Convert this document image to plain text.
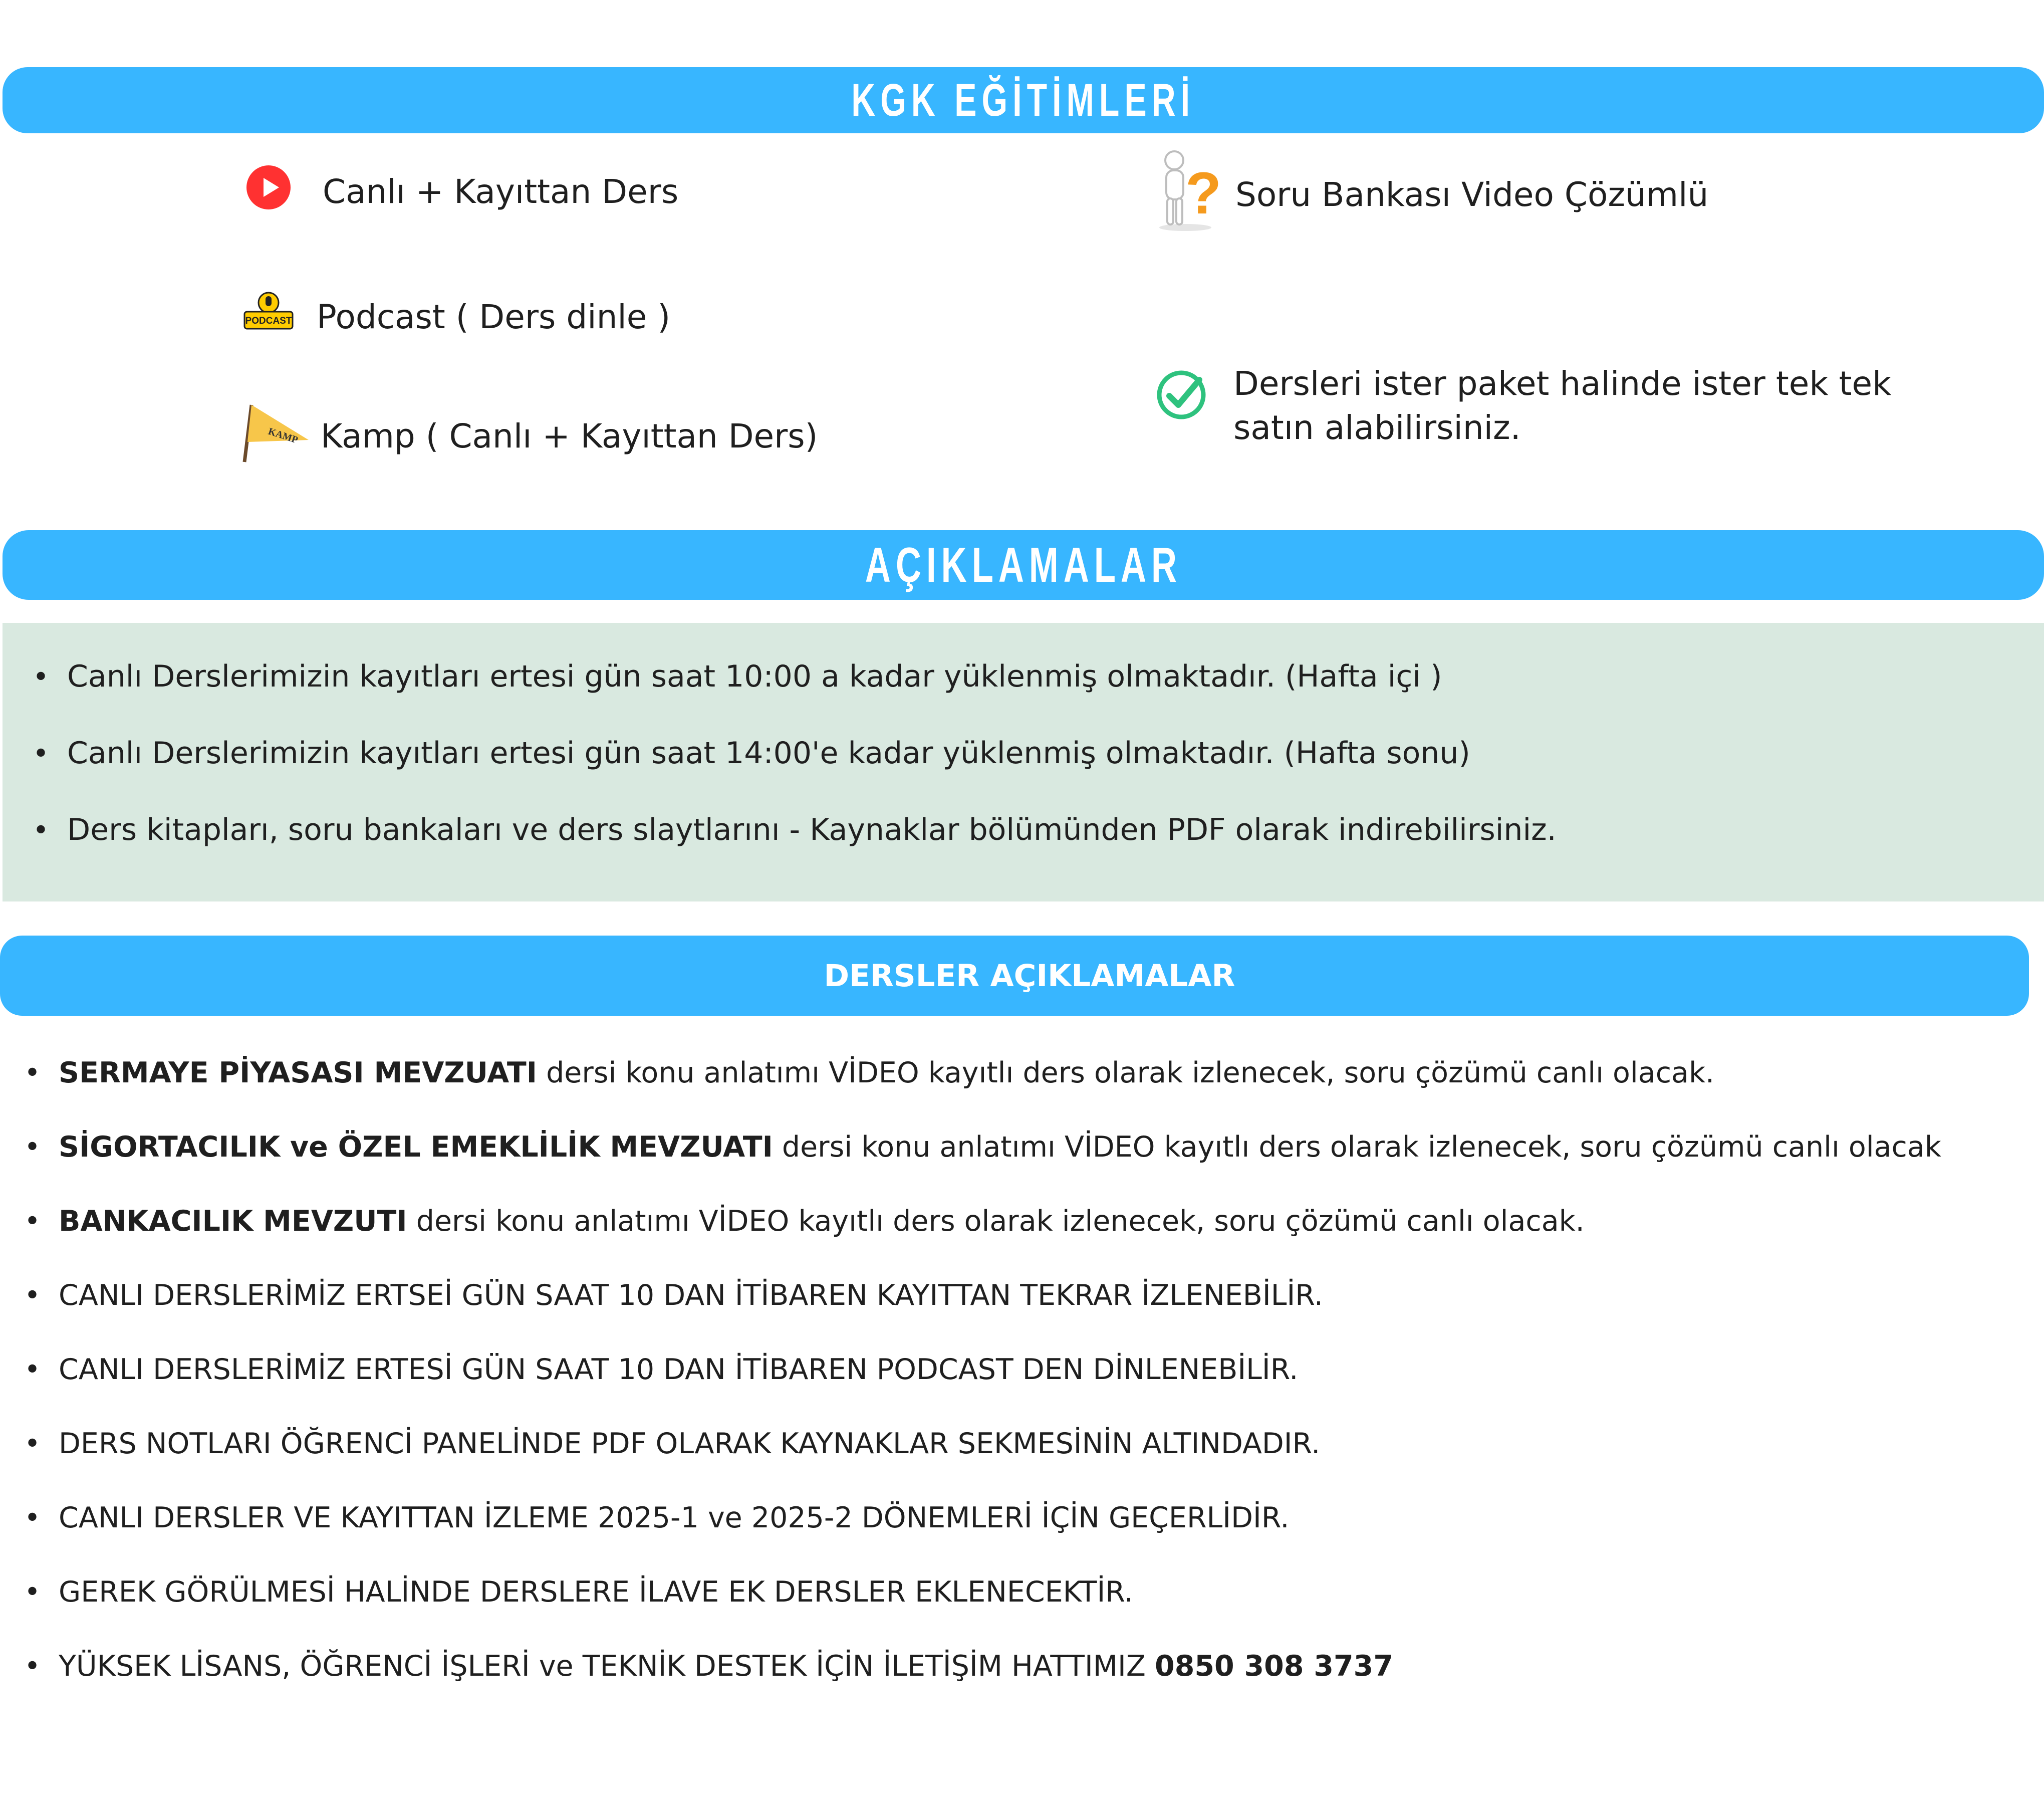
KGK EĞİTİMLERİ
Canlı + Kayıttan Ders
PODCAST Podcast ( Ders dinle )
KAMP Kamp ( Canlı + Kayıttan Ders)
? Soru Bankası Video Çözümlü
Dersleri ister paket halinde ister tek tek
satın alabilirsiniz.
AÇIKLAMALAR
• Canlı Derslerimizin kayıtları ertesi gün saat 10:00 a kadar yüklenmiş olmaktadır. (Hafta içi )
• Canlı Derslerimizin kayıtları ertesi gün saat 14:00'e kadar yüklenmiş olmaktadır. (Hafta sonu)
• Ders kitapları, soru bankaları ve ders slaytlarını - Kaynaklar bölümünden PDF olarak indirebilirsiniz.
DERSLER AÇIKLAMALAR
• SERMAYE PİYASASI MEVZUATI dersi konu anlatımı VİDEO kayıtlı ders olarak izlenecek, soru çözümü canlı olacak.
• SİGORTACILIK ve ÖZEL EMEKLİLİK MEVZUATI dersi konu anlatımı VİDEO kayıtlı ders olarak izlenecek, soru çözümü canlı olacak
• BANKACILIK MEVZUTI dersi konu anlatımı VİDEO kayıtlı ders olarak izlenecek, soru çözümü canlı olacak.
• CANLI DERSLERİMİZ ERTSEİ GÜN SAAT 10 DAN İTİBAREN KAYITTAN TEKRAR İZLENEBİLİR.
• CANLI DERSLERİMİZ ERTESİ GÜN SAAT 10 DAN İTİBAREN PODCAST DEN DİNLENEBİLİR.
• DERS NOTLARI ÖĞRENCİ PANELİNDE PDF OLARAK KAYNAKLAR SEKMESİNİN ALTINDADIR.
• CANLI DERSLER VE KAYITTAN İZLEME 2025-1 ve 2025-2 DÖNEMLERİ İÇİN GEÇERLİDİR.
• GEREK GÖRÜLMESİ HALİNDE DERSLERE İLAVE EK DERSLER EKLENECEKTİR.
• YÜKSEK LİSANS, ÖĞRENCİ İŞLERİ ve TEKNİK DESTEK İÇİN İLETİŞİM HATTIMIZ 0850 308 3737
